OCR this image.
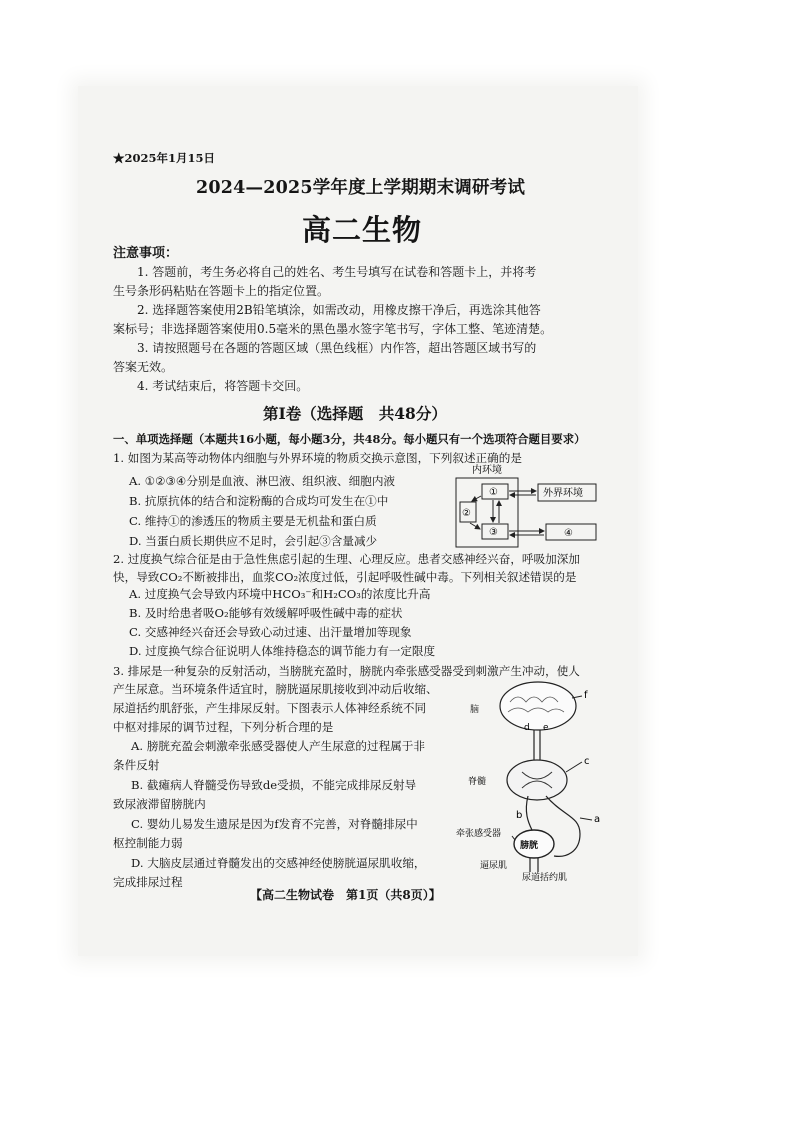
★2025年1月15日
2024—2025学年度上学期期末调研考试
高二生物
注意事项：
1. 答题前，考生务必将自己的姓名、考生号填写在试卷和答题卡上，并将考
生号条形码粘贴在答题卡上的指定位置。
2. 选择题答案使用2B铅笔填涂，如需改动，用橡皮擦干净后，再选涂其他答
案标号；非选择题答案使用0.5毫米的黑色墨水签字笔书写，字体工整、笔迹清楚。
3. 请按照题号在各题的答题区域（黑色线框）内作答，超出答题区域书写的
答案无效。
4. 考试结束后，将答题卡交回。
第Ⅰ卷（选择题　共48分）
一、单项选择题（本题共16小题，每小题3分，共48分。每小题只有一个选项符合题目要求）
1. 如图为某高等动物体内细胞与外界环境的物质交换示意图，下列叙述正确的是
A. ①②③④分别是血液、淋巴液、组织液、细胞内液
B. 抗原抗体的结合和淀粉酶的合成均可发生在①中
C. 维持①的渗透压的物质主要是无机盐和蛋白质
D. 当蛋白质长期供应不足时，会引起③含量减少
内环境
①
②
③
外界环境
④
2. 过度换气综合征是由于急性焦虑引起的生理、心理反应。患者交感神经兴奋，呼吸加深加
快，导致CO₂不断被排出，血浆CO₂浓度过低，引起呼吸性碱中毒。下列相关叙述错误的是
A. 过度换气会导致内环境中HCO₃⁻和H₂CO₃的浓度比升高
B. 及时给患者吸O₂能够有效缓解呼吸性碱中毒的症状
C. 交感神经兴奋还会导致心动过速、出汗量增加等现象
D. 过度换气综合征说明人体维持稳态的调节能力有一定限度
3. 排尿是一种复杂的反射活动，当膀胱充盈时，膀胱内牵张感受器受到刺激产生冲动，使人
产生尿意。当环境条件适宜时，膀胱逼尿肌接收到冲动后收缩、
尿道括约肌舒张，产生排尿反射。下图表示人体神经系统不同
中枢对排尿的调节过程，下列分析合理的是
A. 膀胱充盈会刺激牵张感受器使人产生尿意的过程属于非
条件反射
B. 截瘫病人脊髓受伤导致de受损，不能完成排尿反射导
致尿液滞留膀胱内
C. 婴幼儿易发生遗尿是因为f发育不完善，对脊髓排尿中
枢控制能力弱
D. 大脑皮层通过脊髓发出的交感神经使膀胱逼尿肌收缩，
完成排尿过程
脑
f
d e
脊髓
c
a
b
膀胱
牵张感受器
逼尿肌
尿道括约肌
【高二生物试卷　第1页（共8页）】
